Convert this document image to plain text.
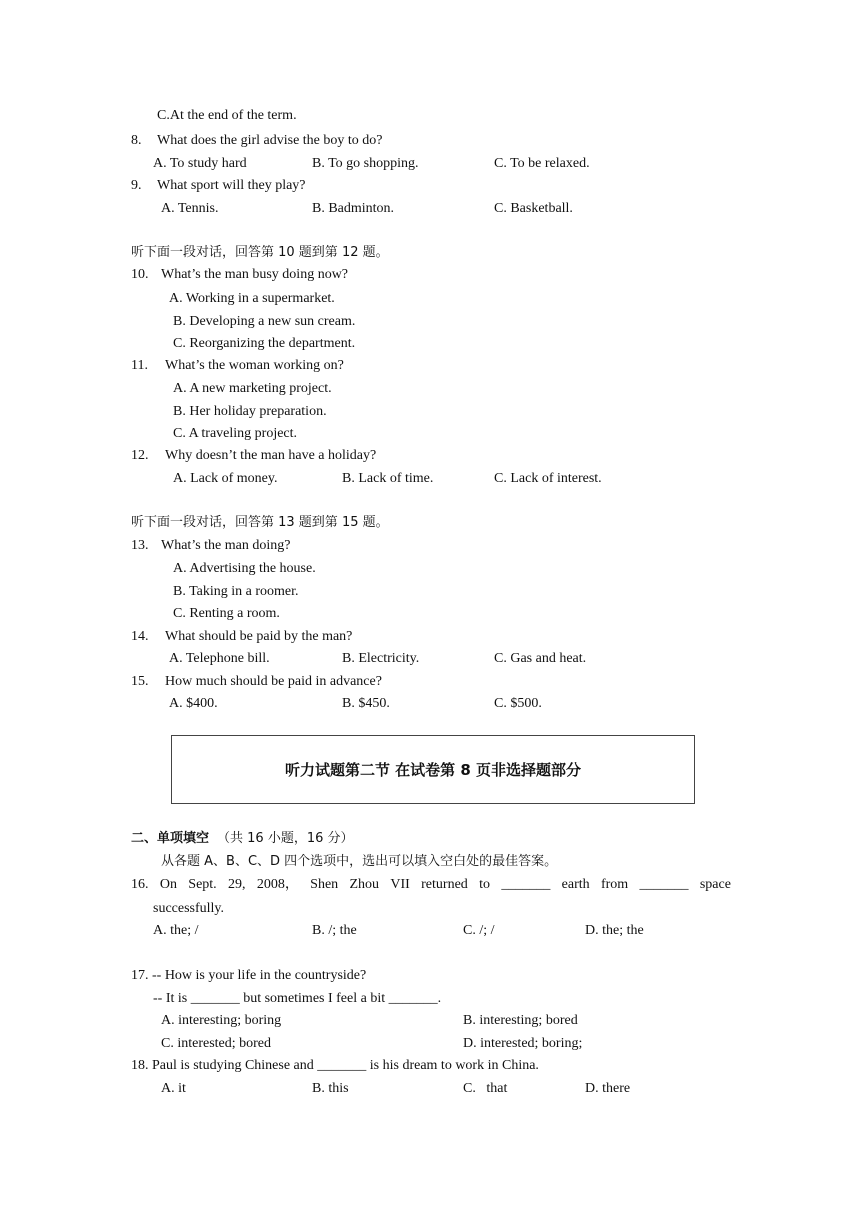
C.At the end of the term.
8. What does the girl advise the boy to do?
A. To study hard	B. To go shopping.	C. To be relaxed.
9. What sport will they play?
A. Tennis.	B. Badminton.	C. Basketball.
听下面一段对话，回答第 10 题到第 12 题。
10. What’s the man busy doing now?
A. Working in a supermarket.
B. Developing a new sun cream.
C. Reorganizing the department.
11. What’s the woman working on?
A. A new marketing project.
B. Her holiday preparation.
C. A traveling project.
12. Why doesn’t the man have a holiday?
A. Lack of money.	B. Lack of time.	C. Lack of interest.
听下面一段对话，回答第 13 题到第 15 题。
13. What’s the man doing?
A. Advertising the house.
B. Taking in a roomer.
C. Renting a room.
14. What should be paid by the man?
A. Telephone bill.	B. Electricity.	C. Gas and heat.
15. How much should be paid in advance?
A. $400.	B. $450.	C. $500.
听力试题第二节 在试卷第 8 页非选择题部分
二、单项填空 （共 16 小题，16 分）
从各题 A、B、C、D 四个选项中，选出可以填入空白处的最佳答案。
16. On Sept. 29, 2008， Shen Zhou VII returned to _______ earth from _______ space
successfully.
A. the; /	B. /; the	C. /; /	D. the; the
17. -- How is your life in the countryside?
-- It is _______ but sometimes I feel a bit _______.
A. interesting; boring	B. interesting; bored
C. interested; bored	D. interested; boring;
18. Paul is studying Chinese and _______ is his dream to work in China.
A. it	B. this	C.   that	D. there
